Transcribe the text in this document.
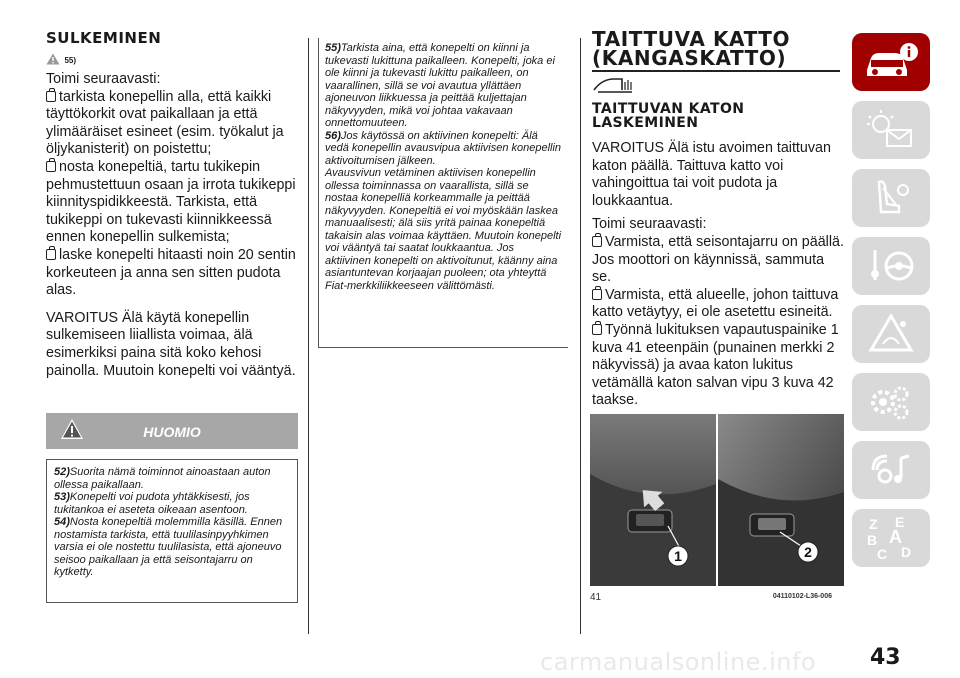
SULKEMINEN
55)
Toimi seuraavasti:
tarkista konepellin alla, että kaikki täyttökorkit ovat paikallaan ja että ylimääräiset esineet (esim. työkalut ja öljykanisterit) on poistettu;
nosta konepeltiä, tartu tukikepin pehmustettuun osaan ja irrota tukikeppi kiinnityspidikkeestä. Tarkista, että tukikeppi on tukevasti kiinnikkeessä ennen konepellin sulkemista;
laske konepelti hitaasti noin 20 sentin korkeuteen ja anna sen sitten pudota alas.
VAROITUS Älä käytä konepellin sulkemiseen liiallista voimaa, älä esimerkiksi paina sitä koko kehosi painolla. Muutoin konepelti voi vääntyä.
HUOMIO
52)Suorita nämä toiminnot ainoastaan auton ollessa paikallaan.
53)Konepelti voi pudota yhtäkkisesti, jos tukitankoa ei aseteta oikeaan asentoon.
54)Nosta konepeltiä molemmilla käsillä. Ennen nostamista tarkista, että tuulilasinpyyhkimen varsia ei ole nostettu tuulilasista, että ajoneuvo seisoo paikallaan ja että seisontajarru on kytketty.
55)Tarkista aina, että konepelti on kiinni ja tukevasti lukittuna paikalleen. Konepelti, joka ei ole kiinni ja tukevasti lukittu paikalleen, on vaarallinen, sillä se voi avautua yllättäen ajoneuvon liikkuessa ja peittää kuljettajan näkyvyyden, mikä voi johtaa vakavaan onnettomuuteen.
56)Jos käytössä on aktiivinen konepelti: Älä vedä konepellin avausvipua aktiivisen konepellin aktivoitumisen jälkeen.
Avausvivun vetäminen aktiivisen konepellin ollessa toiminnassa on vaarallista, sillä se nostaa konepelliä korkeammalle ja peittää näkyvyyden. Konepeltiä ei voi myöskään laskea manuaalisesti; älä siis yritä painaa konepeltiä takaisin alas voimaa käyttäen. Muutoin konepelti voi vääntyä tai saatat loukkaantua. Jos aktiivinen konepelti on aktivoitunut, käänny aina asiantuntevan korjaajan puoleen; ota yhteyttä Fiat-merkkiliikkeeseen välittömästi.
TAITTUVA KATTO
(KANGASKATTO)
TAITTUVAN KATON
LASKEMINEN
VAROITUS Älä istu avoimen taittuvan katon päällä. Taittuva katto voi vahingoittua tai voit pudota ja loukkaantua.
Toimi seuraavasti:
Varmista, että seisontajarru on päällä. Jos moottori on käynnissä, sammuta se.
Varmista, että alueelle, johon taittuva katto vetäytyy, ei ole asetettu esineitä.
Työnnä lukituksen vapautuspainike 1 kuva 41 eteenpäin (punainen merkki 2 näkyvissä) ja avaa katon lukitus vetämällä katon salvan vipu 3 kuva 42 taakse.
1	2
41	04110102-L36-006
Z E
B A
C D
carmanualsonline.info 43
